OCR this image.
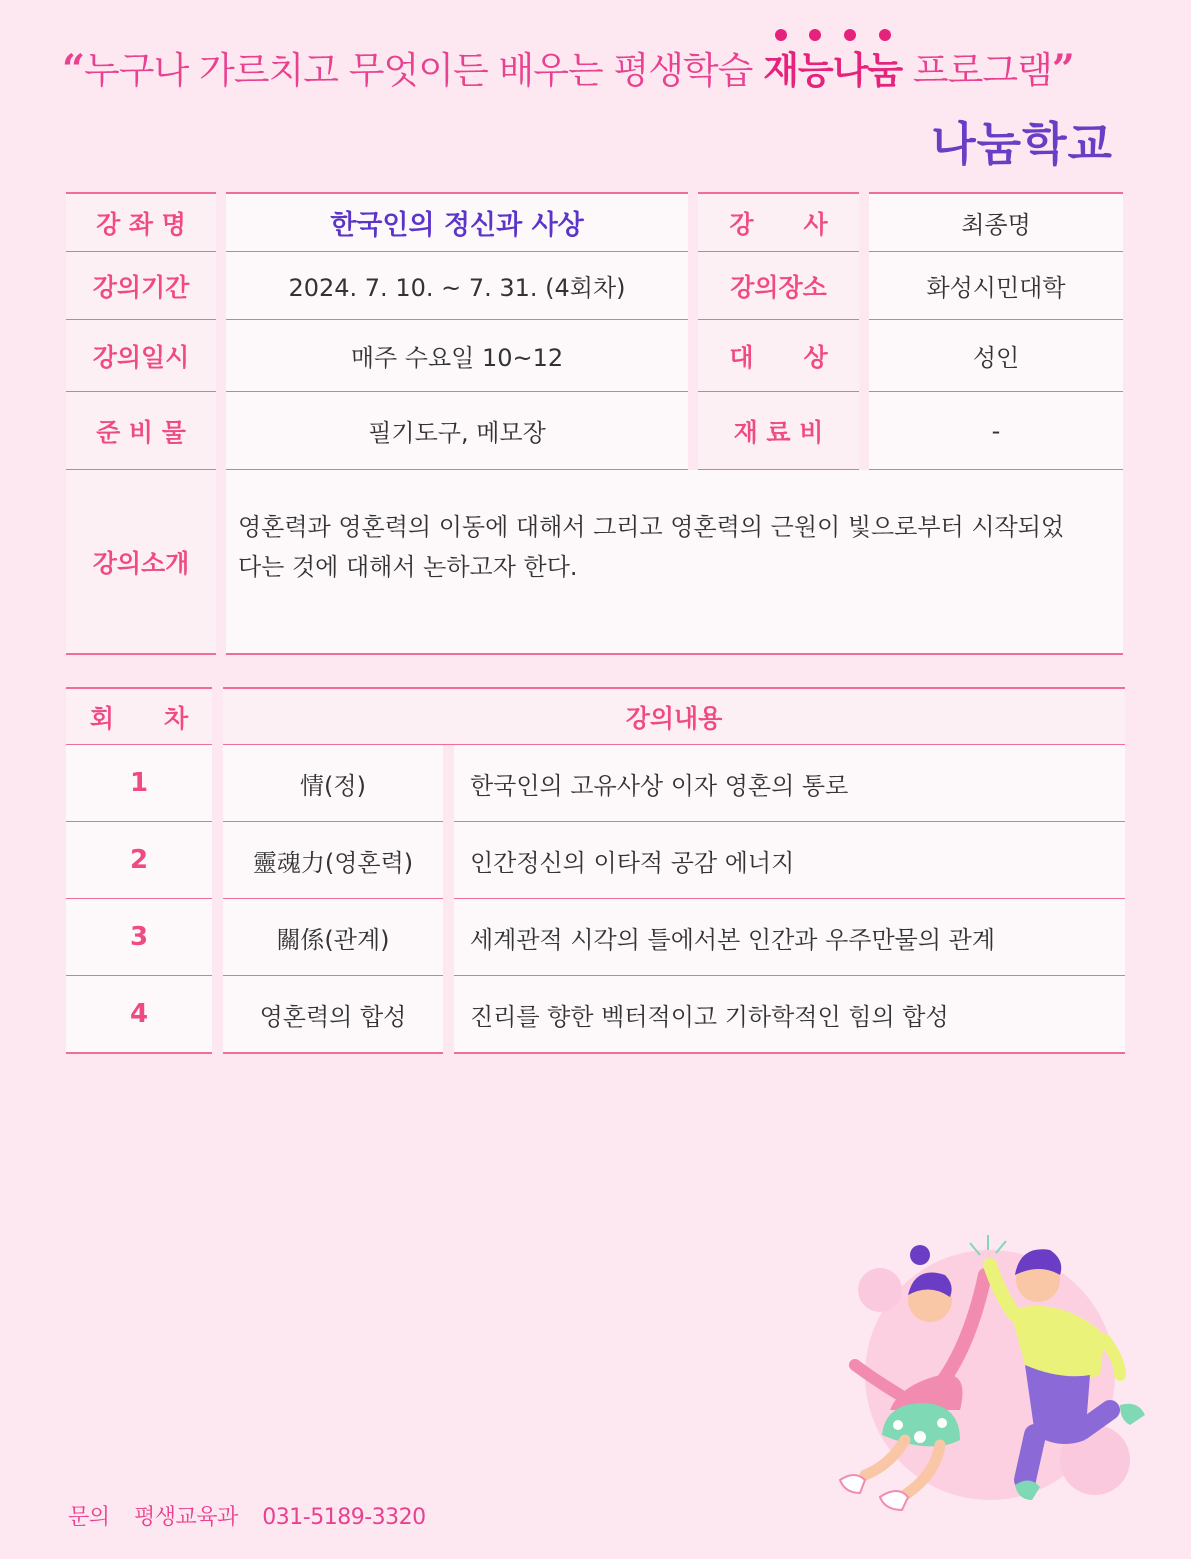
“누구나 가르치고 무엇이든 배우는 평생학습
재능나눔 프로그램”
나눔학교
강 좌 명	한국인의 정신과 사상	강　　사	최종명
강의기간	2024. 7. 10. ~ 7. 31. (4회차)	강의장소	화성시민대학
강의일시	매주 수요일 10~12	대　　상	성인
준 비 물	필기도구, 메모장	재 료 비	-
강의소개
영혼력과 영혼력의 이동에 대해서 그리고 영혼력의 근원이 빛으로부터 시작되었다는 것에 대해서 논하고자 한다.
회　　차	강의내용
1	情(정)	한국인의 고유사상 이자 영혼의 통로
2	靈魂力(영혼력)	인간정신의 이타적 공감 에너지
3	關係(관계)	세계관적 시각의 틀에서본 인간과 우주만물의 관계
4	영혼력의 합성	진리를 향한 벡터적이고 기하학적인 힘의 합성
문의 평생교육과 031-5189-3320
